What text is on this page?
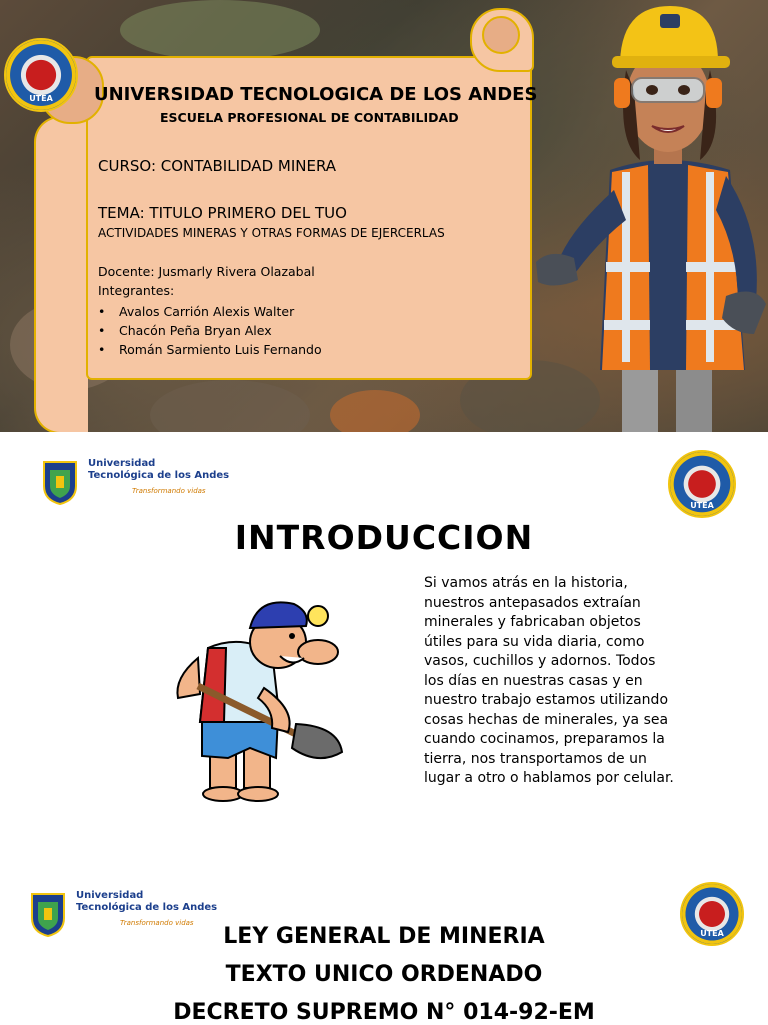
UTEA	UNIVERSIDAD TECNOLOGICA DE LOS ANDES
ESCUELA PROFESIONAL DE CONTABILIDAD
CURSO: CONTABILIDAD MINERA
TEMA: TITULO PRIMERO DEL TUO
ACTIVIDADES MINERAS Y OTRAS FORMAS DE EJERCERLAS
Docente: Jusmarly Rivera Olazabal
Integrantes:
• Avalos Carrión Alexis Walter
• Chacón Peña Bryan Alex
• Román Sarmiento Luis Fernando
Universidad
Tecnológica de los Andes
Transformando vidas
UTEA
INTRODUCCION
Si vamos atrás en la historia, nuestros antepasados extraían minerales y fabricaban objetos útiles para su vida diaria, como vasos, cuchillos y adornos. Todos los días en nuestras casas y en nuestro trabajo estamos utilizando cosas hechas de minerales, ya sea cuando cocinamos, preparamos la tierra, nos transportamos de un lugar a otro o hablamos por celular.
Universidad
Tecnológica de los Andes
Transformando vidas
UTEA
LEY GENERAL DE MINERIA
TEXTO UNICO ORDENADO
DECRETO SUPREMO N° 014-92-EM
